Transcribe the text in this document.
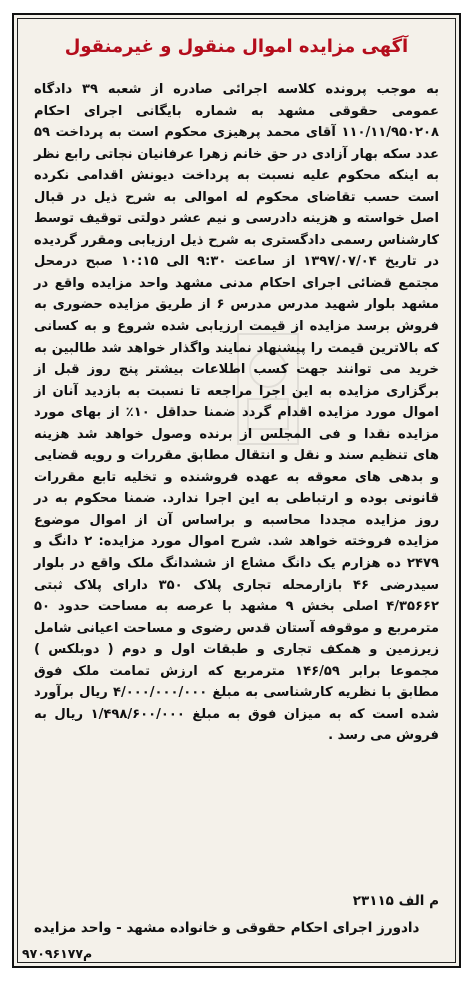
آگهی مزایده اموال منقول و غیرمنقول

به موجب پرونده کلاسه اجرائی صادره از شعبه ۳۹ دادگاه عمومی حقوقی مشهد به شماره بایگانی اجرای احکام ۱۱۰/۱۱/۹۵۰۲۰۸ آقای محمد پرهیزی محکوم است به پرداخت ۵۹ عدد سکه بهار آزادی در حق خانم زهرا عرفانیان نجاتی رابع نظر به اینکه محکوم علیه نسبت به پرداخت دیونش اقدامی نکرده است حسب تقاضای محکوم له اموالی به شرح ذیل در قبال اصل خواسته و هزینه دادرسی و نیم عشر دولتی توقیف توسط کارشناس رسمی دادگستری به شرح ذیل ارزیابی ومقرر گردیده در تاریخ ۱۳۹۷/۰۷/۰۴ از ساعت ۹:۳۰ الی ۱۰:۱۵ صبح درمحل مجتمع قضائی اجرای احکام مدنی مشهد واحد مزایده واقع در مشهد بلوار شهید مدرس مدرس ۶ از طریق مزایده حضوری به فروش برسد مزایده از قیمت ارزیابی شده شروع و به کسانی که بالاترین قیمت را پیشنهاد نمایند واگذار خواهد شد طالبین به خرید می توانند جهت کسب اطلاعات بیشتر پنج روز قبل از برگزاری مزایده به این اجرا مراجعه تا نسبت به بازدید آنان از اموال مورد مزایده اقدام گردد ضمنا حداقل ۱۰٪ از بهای مورد مزایده نقدا و فی المجلس از برنده وصول خواهد شد هزینه های تنظیم سند و نقل و انتقال مطابق مقررات و رویه قضایی و بدهی های معوقه به عهده فروشنده و تخلیه تابع مقررات قانونی بوده و ارتباطی به این اجرا ندارد. ضمنا محکوم به در روز مزایده مجددا محاسبه و براساس آن از اموال موضوع مزایده فروخته خواهد شد. شرح اموال مورد مزایده: ۲ دانگ و ۲۴۷۹ ده هزارم یک دانگ مشاع از ششدانگ ملک واقع در بلوار سیدرضی ۴۶ بازارمحله تجاری پلاک ۳۵۰ دارای پلاک ثبتی ۴/۳۵۶۶۲ اصلی بخش ۹ مشهد با عرصه به مساحت حدود ۵۰ مترمربع و موقوفه آستان قدس رضوی و مساحت اعیانی شامل زیرزمین و همکف تجاری و طبقات اول و دوم ( دوبلکس ) مجموعا برابر ۱۴۶/۵۹ مترمربع که ارزش تمامت ملک فوق مطابق با نظریه کارشناسی به مبلغ ۴/۰۰۰/۰۰۰/۰۰۰ ریال برآورد شده است که به میزان فوق به مبلغ ۱/۴۹۸/۶۰۰/۰۰۰ ریال به فروش می رسد .

م الف ۲۳۱۱۵
دادورز اجرای احکام حقوقی و خانواده مشهد - واحد مزایده
م۹۷۰۹۶۱۷۷
